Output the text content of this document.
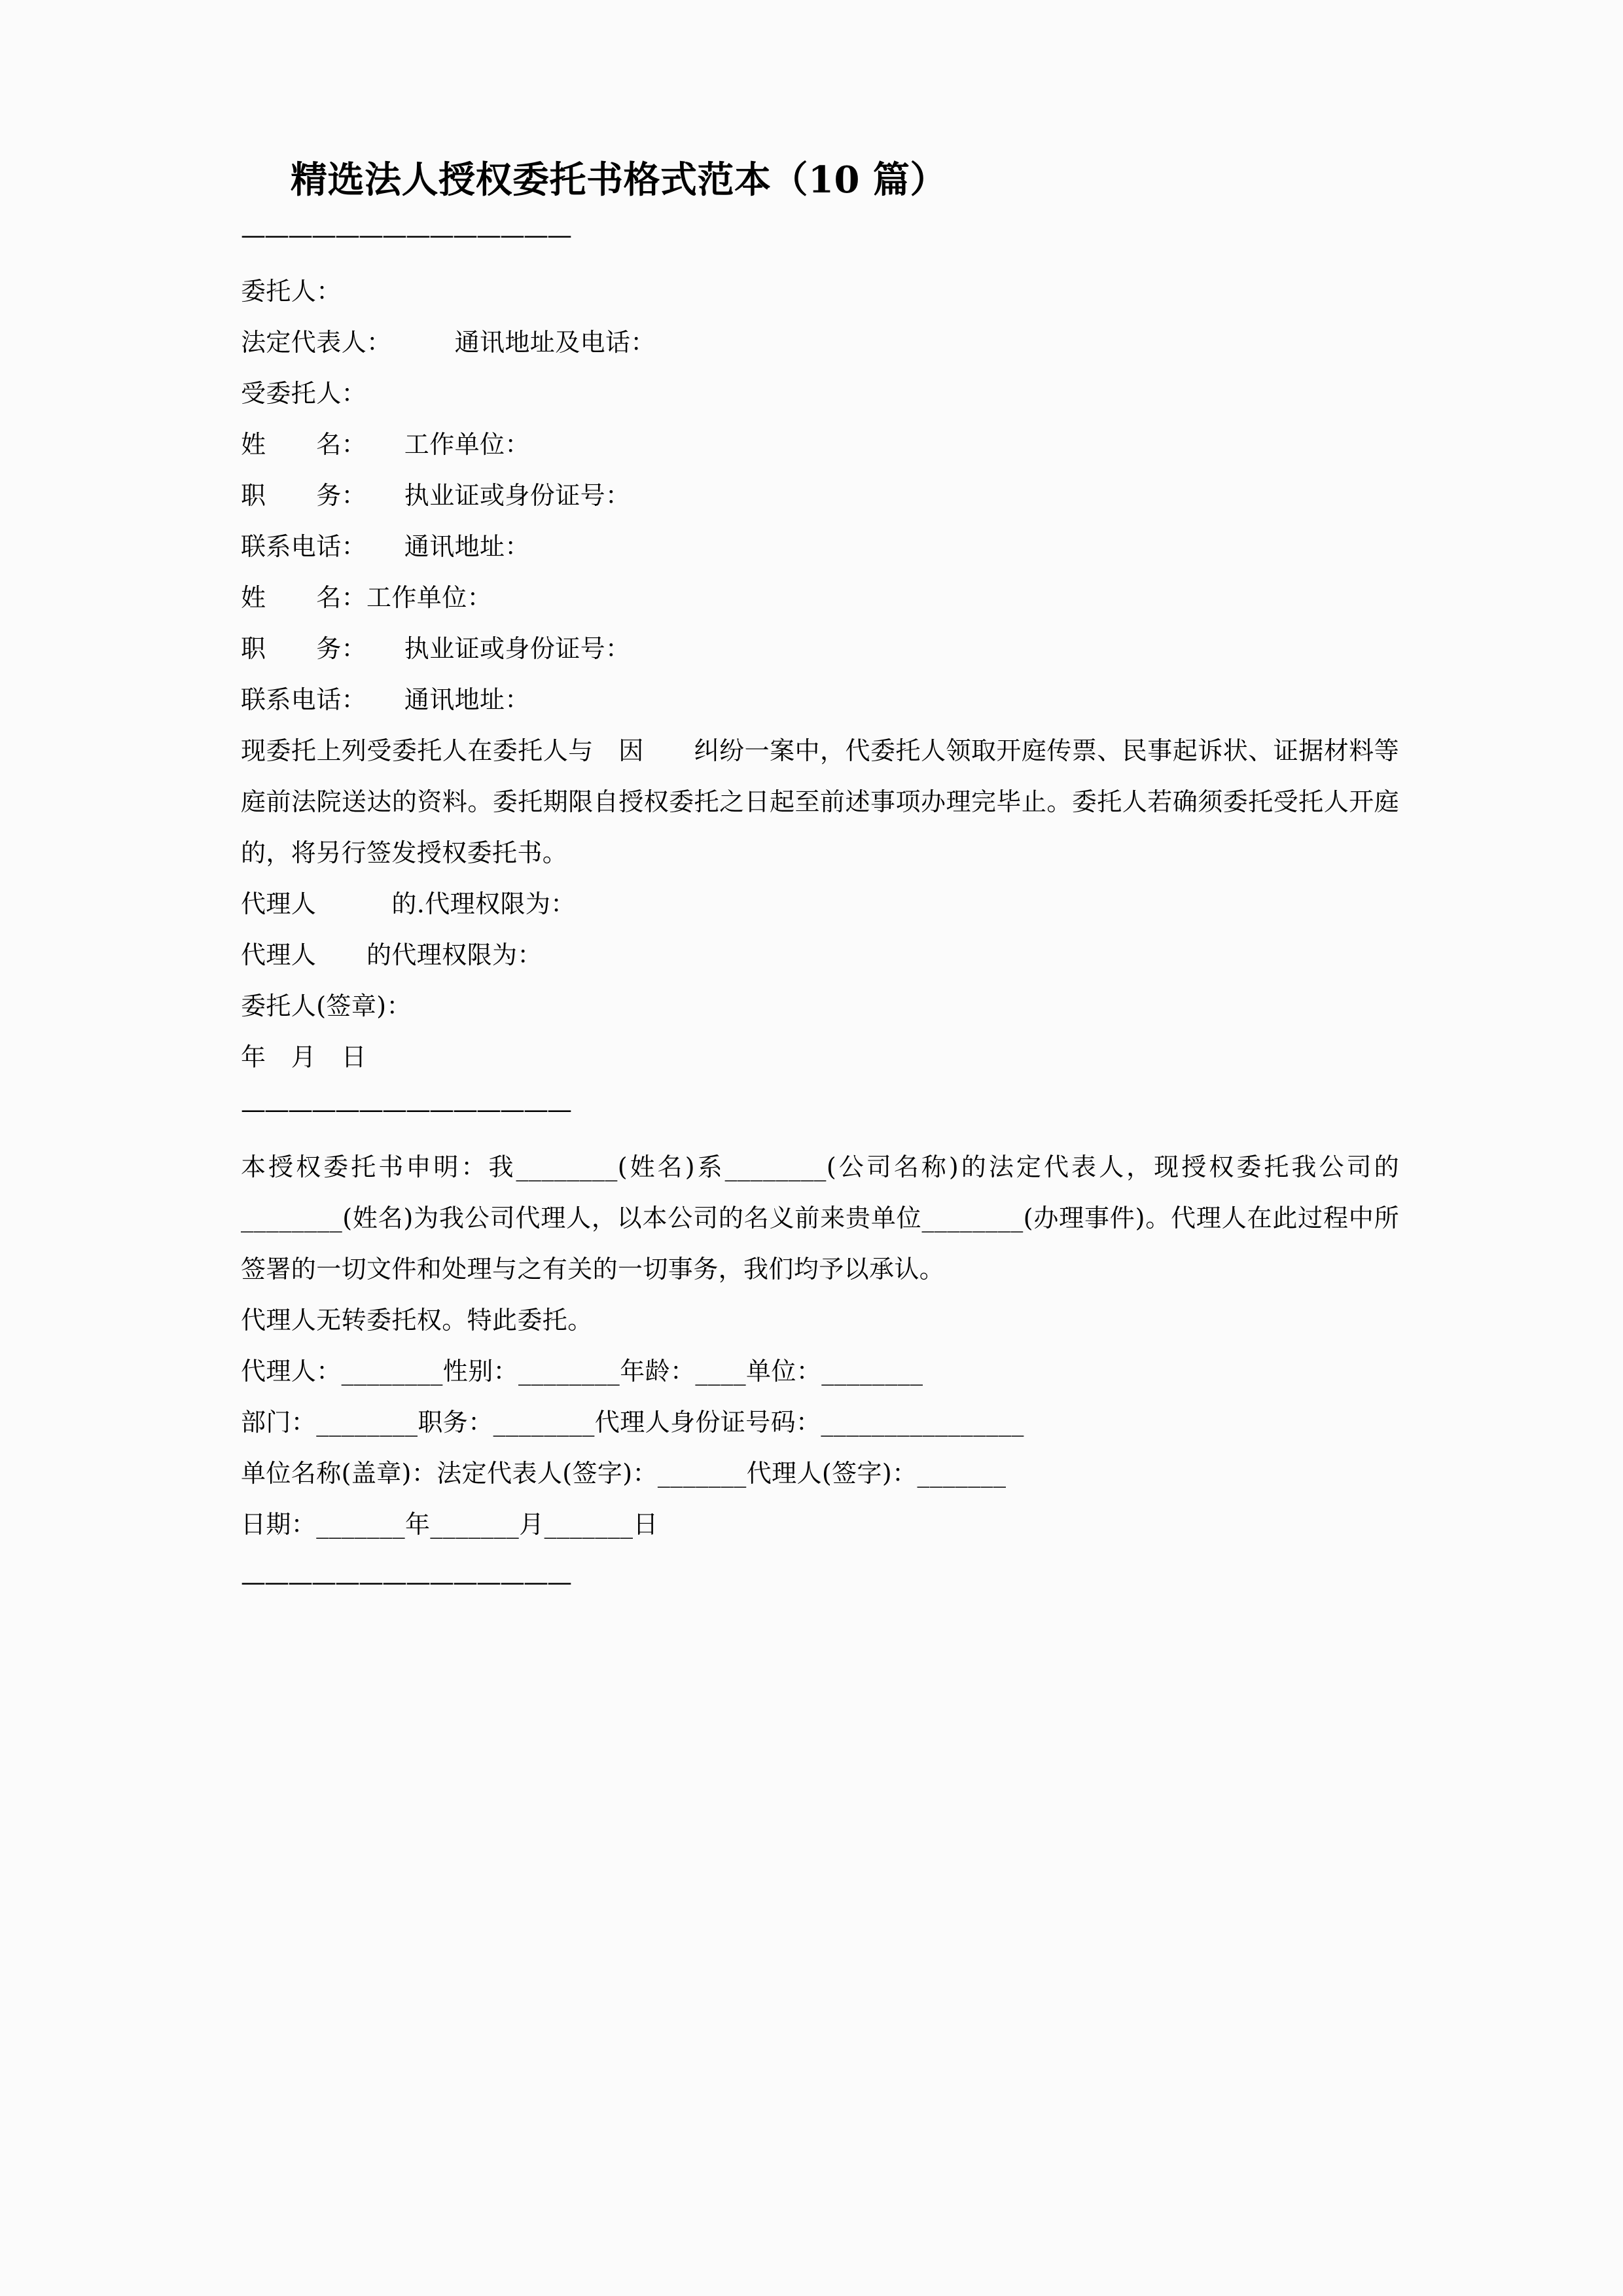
精选法人授权委托书格式范本（10 篇）
——————————————
委托人：
法定代表人：　　　通讯地址及电话：
受委托人：
姓　　名：　　工作单位：
职　　务：　　执业证或身份证号：
联系电话：　　通讯地址：
姓　　名：工作单位：
职　　务：　　执业证或身份证号：
联系电话：　　通讯地址：

现委托上列受委托人在委托人与　因　　纠纷一案中，代委托人领取开庭传票、民事起诉状、证据材料等庭前法院送达的资料。委托期限自授权委托之日起至前述事项办理完毕止。委托人若确须委托受托人开庭的，将另行签发授权委托书。

代理人　　　的.代理权限为：
代理人　　的代理权限为：
委托人(签章)：
年　月　日
——————————————

本授权委托书申明：我________(姓名)系________(公司名称)的法定代表人，现授权委托我公司的________(姓名)为我公司代理人，以本公司的名义前来贵单位________(办理事件)。代理人在此过程中所签署的一切文件和处理与之有关的一切事务，我们均予以承认。

代理人无转委托权。特此委托。
代理人：________性别：________年龄：____单位：________
部门：________职务：________代理人身份证号码：________________
单位名称(盖章)：法定代表人(签字)：_______代理人(签字)：_______
日期：_______年_______月_______日
——————————————
